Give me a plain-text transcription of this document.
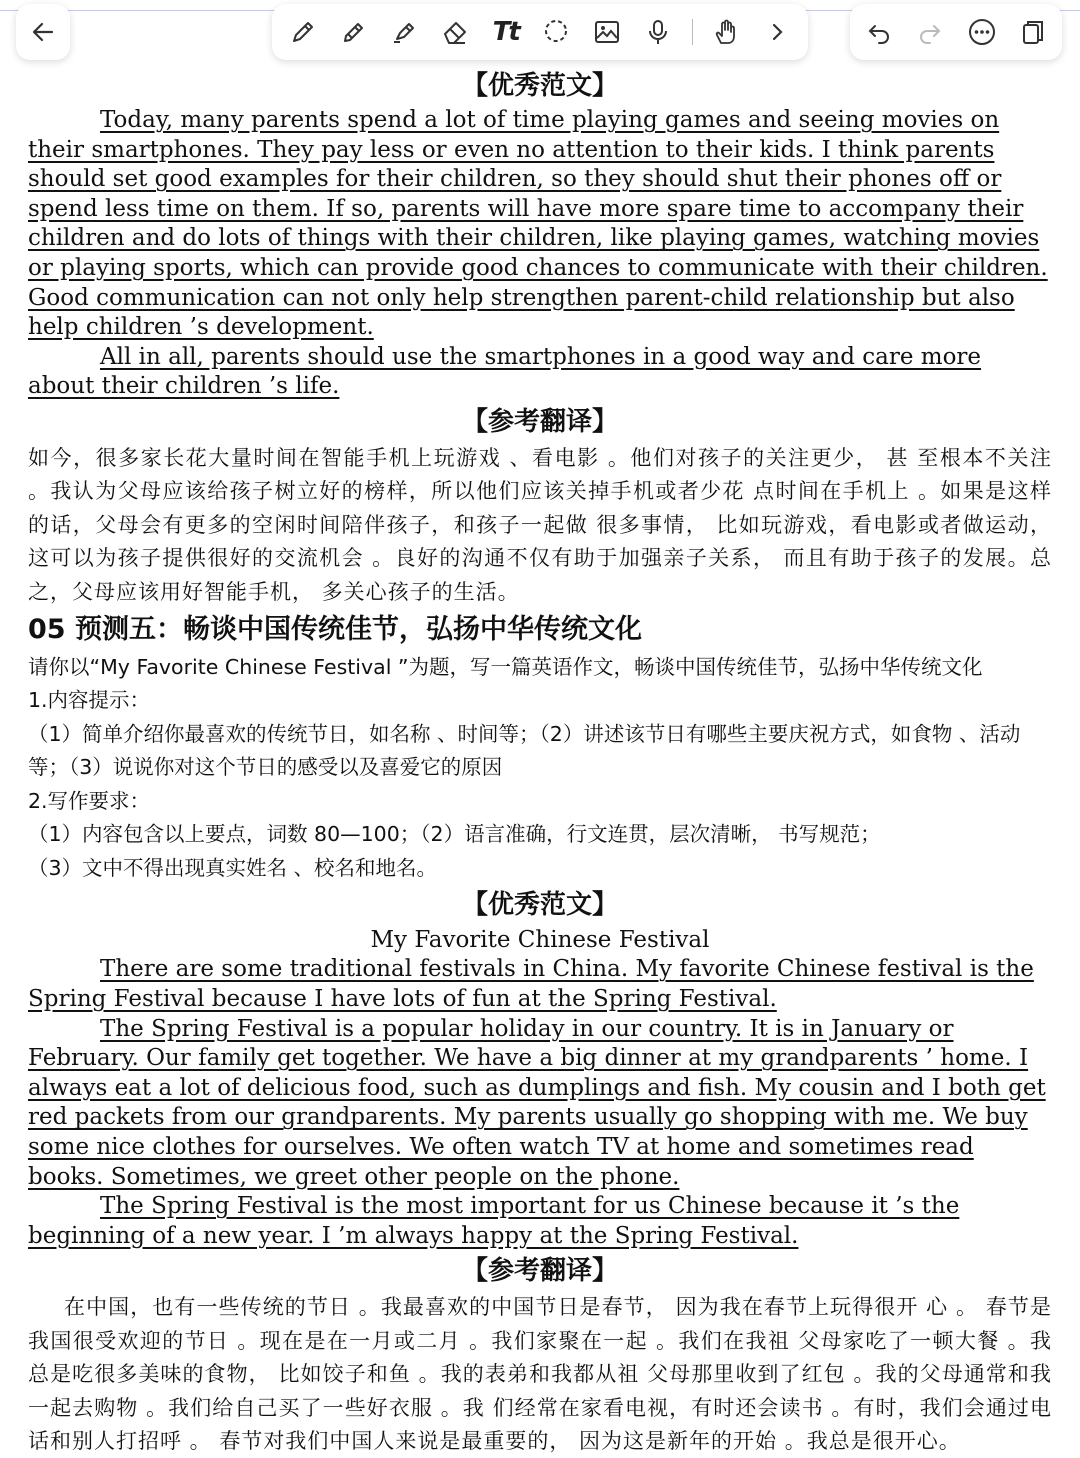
Tt
【优秀范文】

Today, many parents spend a lot of time playing games and seeing movies on their smartphones. They pay less or even no attention to their kids. I think parents should set good examples for their children, so they should shut their phones off or spend less time on them. If so, parents will have more spare time to accompany their children and do lots of things with their children, like playing games, watching movies or playing sports, which can provide good chances to communicate with their children. Good communication can not only help strengthen parent-child relationship but also help children ’s development.

All in all, parents should use the smartphones in a good way and care more about their children ’s life.

【参考翻译】

如今，很多家长花大量时间在智能手机上玩游戏 、看电影 。他们对孩子的关注更少， 甚 至根本不关注 。我认为父母应该给孩子树立好的榜样，所以他们应该关掉手机或者少花 点时间在手机上 。如果是这样的话，父母会有更多的空闲时间陪伴孩子，和孩子一起做 很多事情， 比如玩游戏，看电影或者做运动，这可以为孩子提供很好的交流机会 。良好的沟通不仅有助于加强亲子关系， 而且有助于孩子的发展。总之，父母应该用好智能手机， 多关心孩子的生活。

05 预测五：畅谈中国传统佳节，弘扬中华传统文化

请你以“My Favorite Chinese Festival ”为题，写一篇英语作文，畅谈中国传统佳节，弘扬中华传统文化

1.内容提示：

（1）简单介绍你最喜欢的传统节日，如名称 、时间等；（2）讲述该节日有哪些主要庆祝方式，如食物 、活动等；（3）说说你对这个节日的感受以及喜爱它的原因

2.写作要求：

（1）内容包含以上要点，词数 80—100；（2）语言准确，行文连贯，层次清晰， 书写规范；

（3）文中不得出现真实姓名 、校名和地名。

【优秀范文】

My Favorite Chinese Festival

There are some traditional festivals in China. My favorite Chinese festival is the Spring Festival because I have lots of fun at the Spring Festival.

The Spring Festival is a popular holiday in our country. It is in January or February. Our family get together. We have a big dinner at my grandparents ’ home. I always eat a lot of delicious food, such as dumplings and fish. My cousin and I both get red packets from our grandparents. My parents usually go shopping with me. We buy some nice clothes for ourselves. We often watch TV at home and sometimes read books. Sometimes, we greet other people on the phone.

The Spring Festival is the most important for us Chinese because it ’s the beginning of a new year. I ’m always happy at the Spring Festival.

【参考翻译】

在中国，也有一些传统的节日 。我最喜欢的中国节日是春节， 因为我在春节上玩得很开 心 。 春节是我国很受欢迎的节日 。现在是在一月或二月 。我们家聚在一起 。我们在我祖 父母家吃了一顿大餐 。我总是吃很多美味的食物， 比如饺子和鱼 。我的表弟和我都从祖 父母那里收到了红包 。我的父母通常和我一起去购物 。我们给自己买了一些好衣服 。我 们经常在家看电视，有时还会读书 。有时，我们会通过电话和别人打招呼 。 春节对我们中国人来说是最重要的， 因为这是新年的开始 。我总是很开心。
